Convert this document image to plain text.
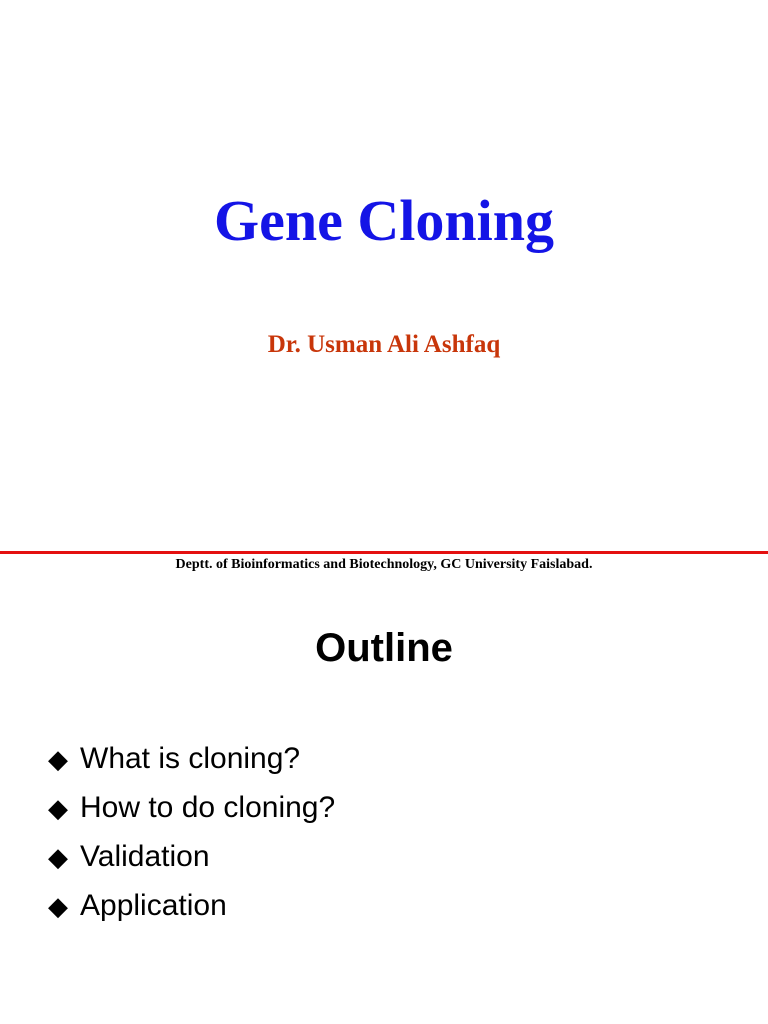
Gene Cloning
Dr. Usman Ali Ashfaq
Deptt. of Bioinformatics and Biotechnology, GC University Faislabad.
Outline
◆ What is cloning?
◆ How to do cloning?
◆ Validation
◆ Application
